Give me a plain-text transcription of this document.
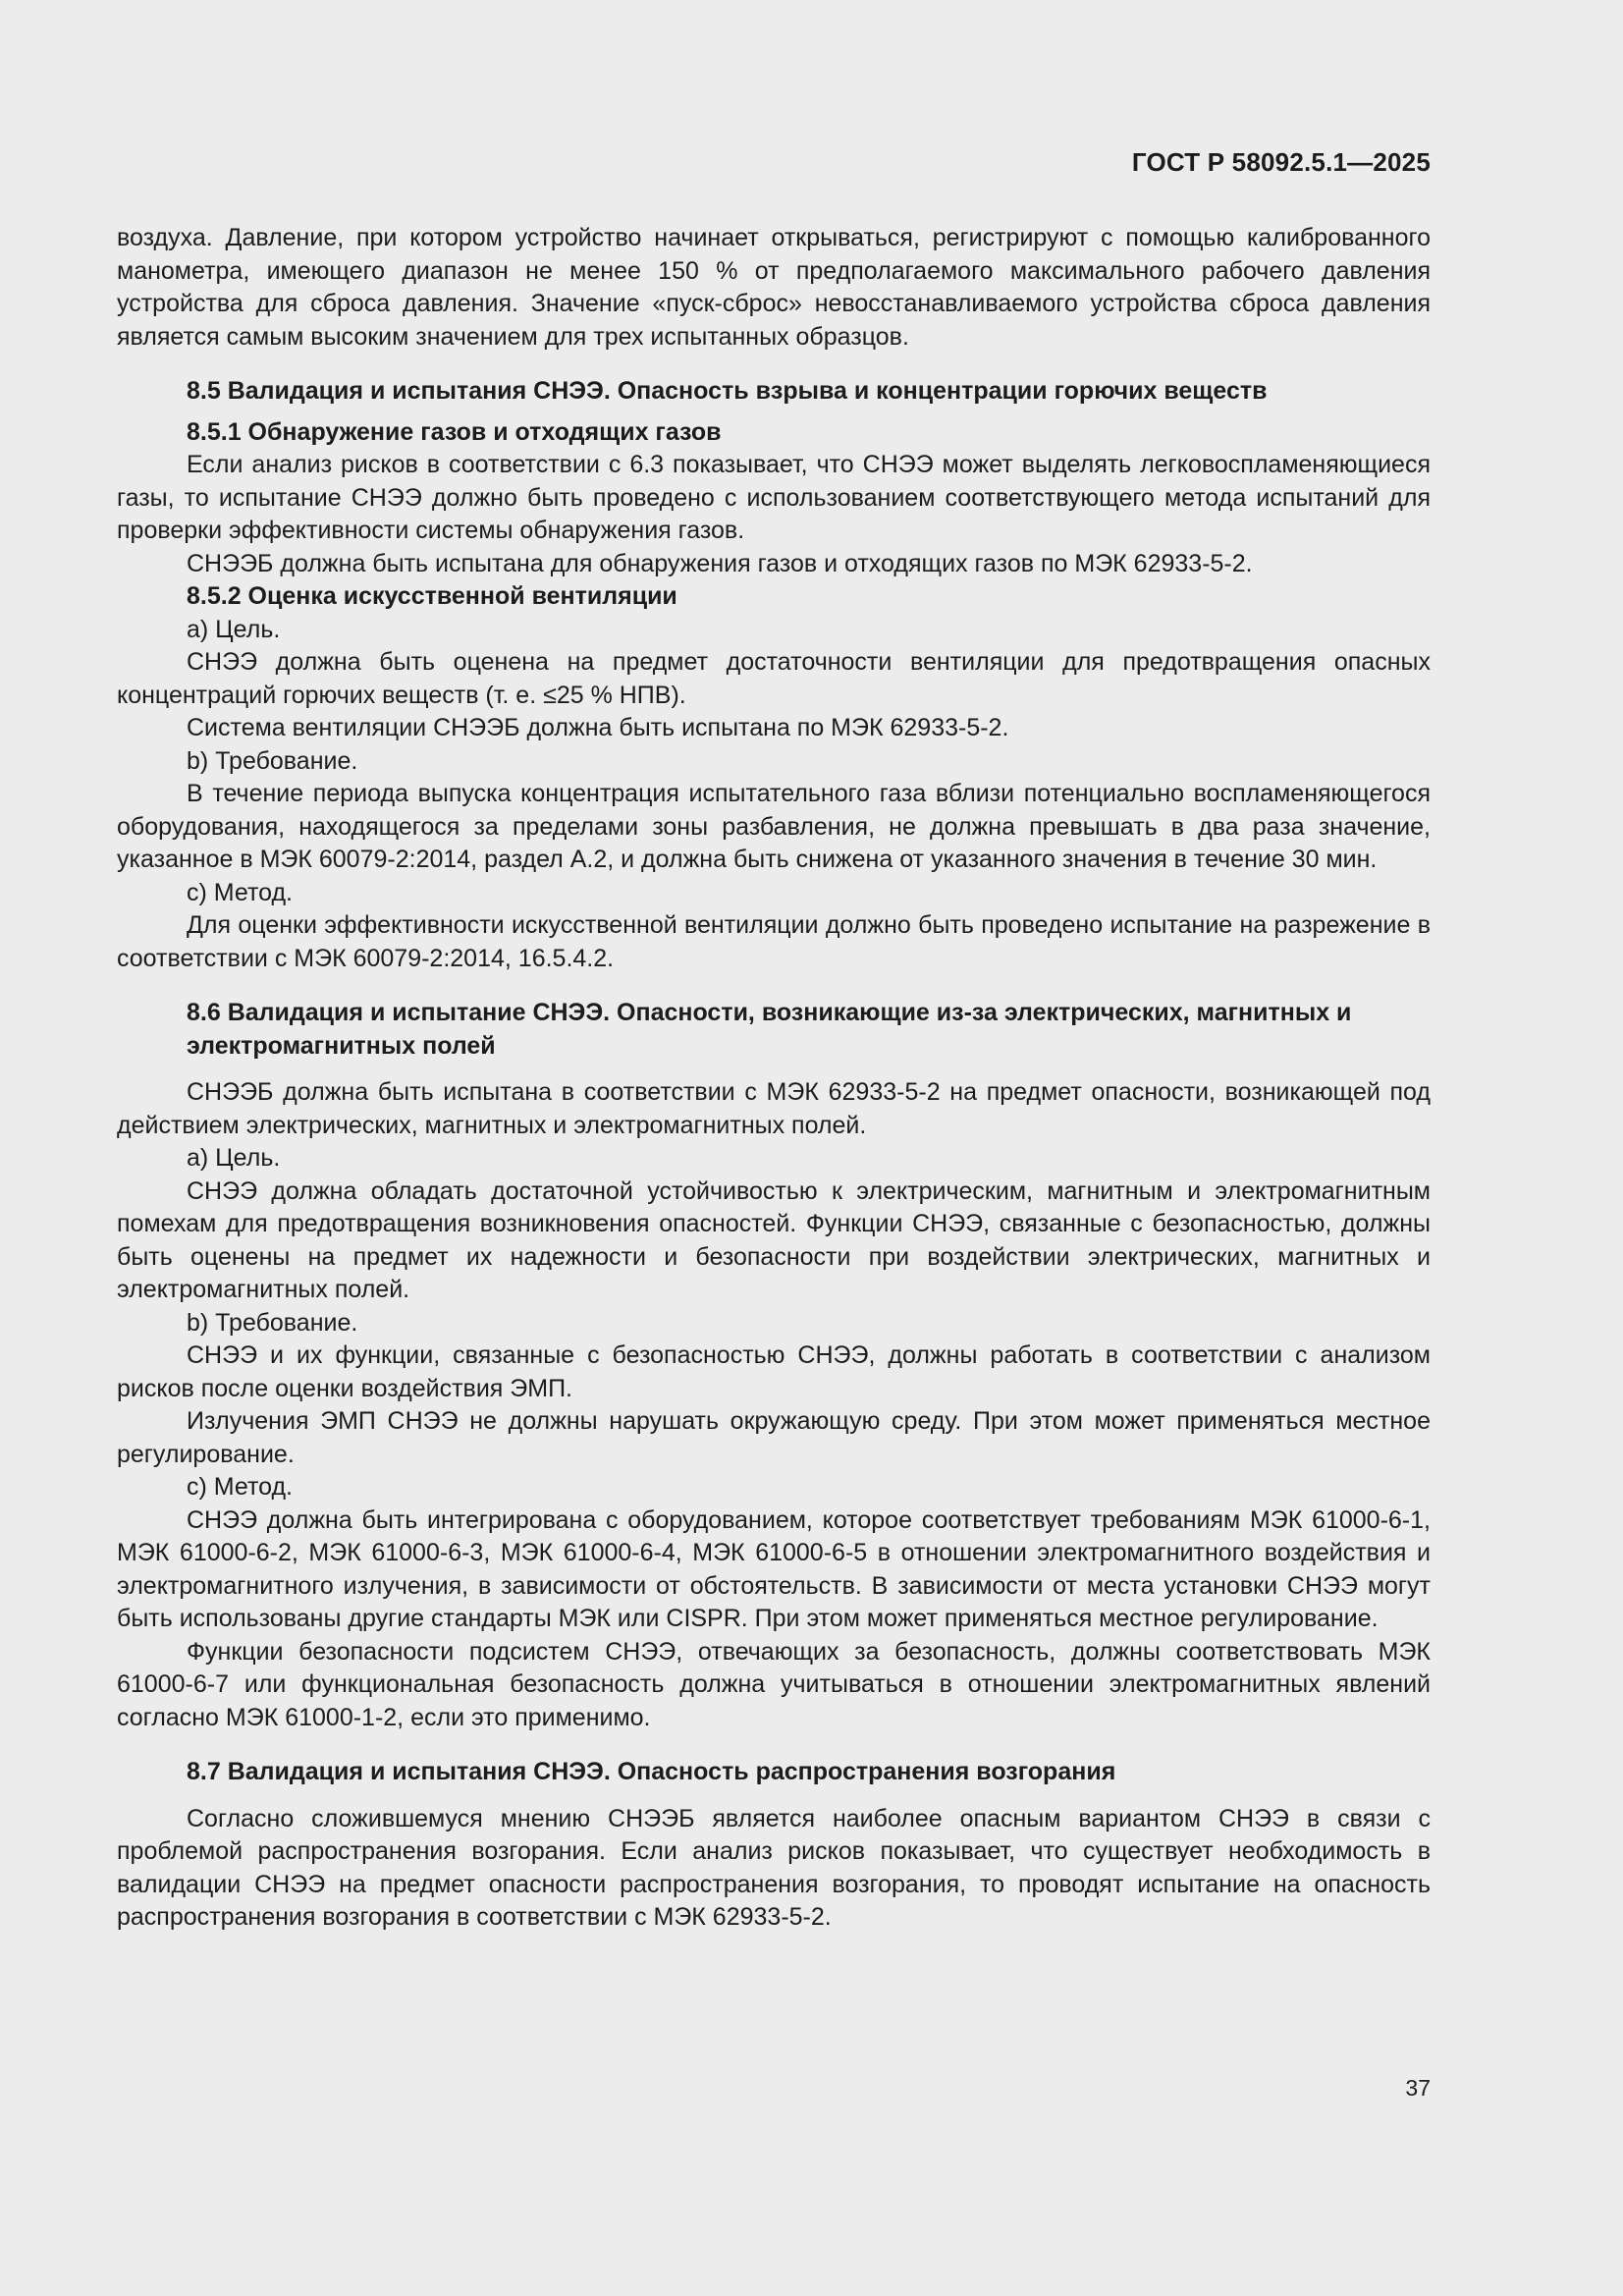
ГОСТ Р 58092.5.1—2025

воздуха. Давление, при котором устройство начинает открываться, регистрируют с помощью калиброванного манометра, имеющего диапазон не менее 150 % от предполагаемого максимального рабочего давления устройства для сброса давления. Значение «пуск-сброс» невосстанавливаемого устройства сброса давления является самым высоким значением для трех испытанных образцов.

8.5 Валидация и испытания СНЭЭ. Опасность взрыва и концентрации горючих веществ
8.5.1 Обнаружение газов и отходящих газов

Если анализ рисков в соответствии с 6.3 показывает, что СНЭЭ может выделять легковоспламеняющиеся газы, то испытание СНЭЭ должно быть проведено с использованием соответствующего метода испытаний для проверки эффективности системы обнаружения газов.

СНЭЭБ должна быть испытана для обнаружения газов и отходящих газов по МЭК 62933-5-2.

8.5.2 Оценка искусственной вентиляции

a) Цель.

СНЭЭ должна быть оценена на предмет достаточности вентиляции для предотвращения опасных концентраций горючих веществ (т. е. ≤25 % НПВ).

Система вентиляции СНЭЭБ должна быть испытана по МЭК 62933-5-2.

b) Требование.

В течение периода выпуска концентрация испытательного газа вблизи потенциально воспламеняющегося оборудования, находящегося за пределами зоны разбавления, не должна превышать в два раза значение, указанное в МЭК 60079-2:2014, раздел А.2, и должна быть снижена от указанного значения в течение 30 мин.

c) Метод.

Для оценки эффективности искусственной вентиляции должно быть проведено испытание на разрежение в соответствии с МЭК 60079-2:2014, 16.5.4.2.

8.6 Валидация и испытание СНЭЭ. Опасности, возникающие из-за электрических, магнитных и электромагнитных полей

СНЭЭБ должна быть испытана в соответствии с МЭК 62933-5-2 на предмет опасности, возникающей под действием электрических, магнитных и электромагнитных полей.

a) Цель.

СНЭЭ должна обладать достаточной устойчивостью к электрическим, магнитным и электромагнитным помехам для предотвращения возникновения опасностей. Функции СНЭЭ, связанные с безопасностью, должны быть оценены на предмет их надежности и безопасности при воздействии электрических, магнитных и электромагнитных полей.

b) Требование.

СНЭЭ и их функции, связанные с безопасностью СНЭЭ, должны работать в соответствии с анализом рисков после оценки воздействия ЭМП.

Излучения ЭМП СНЭЭ не должны нарушать окружающую среду. При этом может применяться местное регулирование.

c) Метод.

СНЭЭ должна быть интегрирована с оборудованием, которое соответствует требованиям МЭК 61000-6-1, МЭК 61000-6-2, МЭК 61000-6-3, МЭК 61000-6-4, МЭК 61000-6-5 в отношении электромагнитного воздействия и электромагнитного излучения, в зависимости от обстоятельств. В зависимости от места установки СНЭЭ могут быть использованы другие стандарты МЭК или CISPR. При этом может применяться местное регулирование.

Функции безопасности подсистем СНЭЭ, отвечающих за безопасность, должны соответствовать МЭК 61000-6-7 или функциональная безопасность должна учитываться в отношении электромагнитных явлений согласно МЭК 61000-1-2, если это применимо.

8.7 Валидация и испытания СНЭЭ. Опасность распространения возгорания

Согласно сложившемуся мнению СНЭЭБ является наиболее опасным вариантом СНЭЭ в связи с проблемой распространения возгорания. Если анализ рисков показывает, что существует необходимость в валидации СНЭЭ на предмет опасности распространения возгорания, то проводят испытание на опасность распространения возгорания в соответствии с МЭК 62933-5-2.

37
